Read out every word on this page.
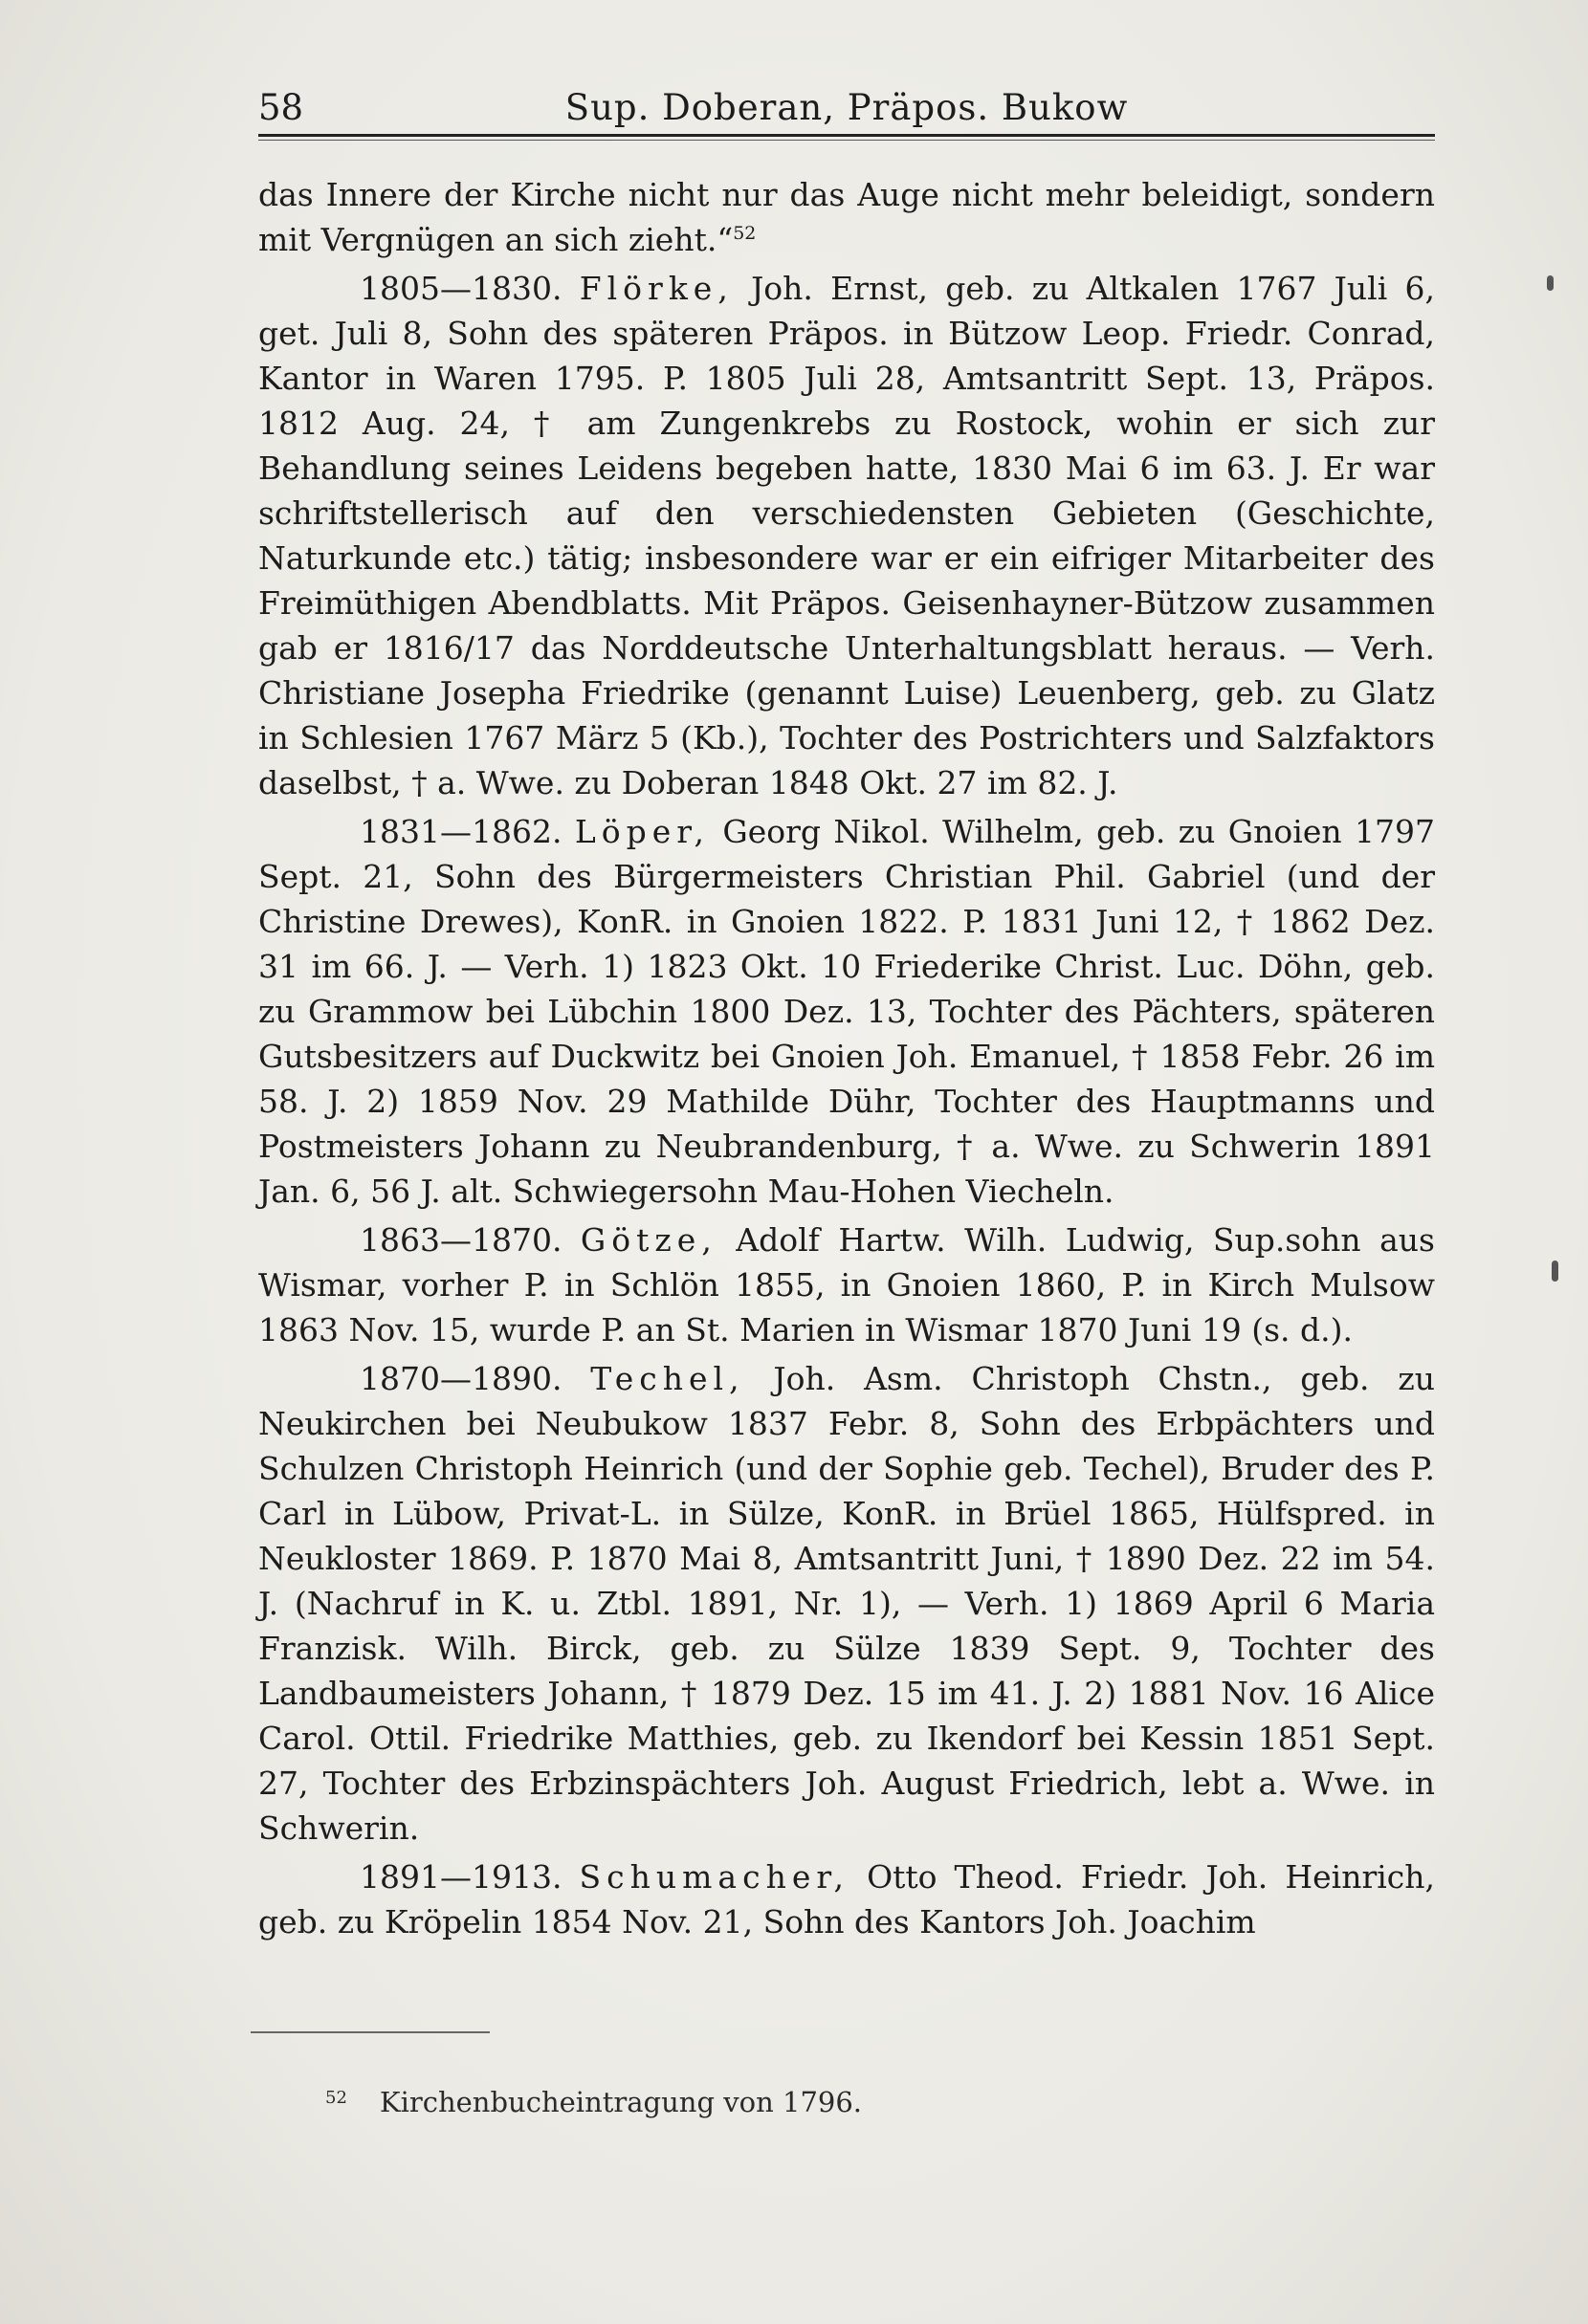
58	Sup. Doberan, Präpos. Bukow

das Innere der Kirche nicht nur das Auge nicht mehr beleidigt, sondern mit Vergnügen an sich zieht.“$^{52}$

1805—1830. Flörke, Joh. Ernst, geb. zu Altkalen 1767 Juli 6, get. Juli 8, Sohn des späteren Präpos. in Bützow Leop. Friedr. Conrad, Kantor in Waren 1795. P. 1805 Juli 28, Amtsantritt Sept. 13, Präpos. 1812 Aug. 24, † am Zungenkrebs zu Rostock, wohin er sich zur Behandlung seines Leidens begeben hatte, 1830 Mai 6 im 63. J. Er war schriftstellerisch auf den verschiedensten Gebieten (Geschichte, Naturkunde etc.) tätig; insbesondere war er ein eifriger Mitarbeiter des Freimüthigen Abendblatts. Mit Präpos. Geisenhayner-Bützow zusammen gab er 1816/17 das Norddeutsche Unterhaltungsblatt heraus. — Verh. Christiane Josepha Friedrike (genannt Luise) Leuenberg, geb. zu Glatz in Schlesien 1767 März 5 (Kb.), Tochter des Postrichters und Salzfaktors daselbst, † a. Wwe. zu Doberan 1848 Okt. 27 im 82. J.

1831—1862. Löper, Georg Nikol. Wilhelm, geb. zu Gnoien 1797 Sept. 21, Sohn des Bürgermeisters Christian Phil. Gabriel (und der Christine Drewes), KonR. in Gnoien 1822. P. 1831 Juni 12, † 1862 Dez. 31 im 66. J. — Verh. 1) 1823 Okt. 10 Friederike Christ. Luc. Döhn, geb. zu Grammow bei Lübchin 1800 Dez. 13, Tochter des Pächters, späteren Gutsbesitzers auf Duckwitz bei Gnoien Joh. Emanuel, † 1858 Febr. 26 im 58. J. 2) 1859 Nov. 29 Mathilde Dühr, Tochter des Hauptmanns und Postmeisters Johann zu Neubrandenburg, † a. Wwe. zu Schwerin 1891 Jan. 6, 56 J. alt. Schwiegersohn Mau-Hohen Viecheln.

1863—1870. Götze, Adolf Hartw. Wilh. Ludwig, Sup.sohn aus Wismar, vorher P. in Schlön 1855, in Gnoien 1860, P. in Kirch Mulsow 1863 Nov. 15, wurde P. an St. Marien in Wismar 1870 Juni 19 (s. d.).

1870—1890. Techel, Joh. Asm. Christoph Chstn., geb. zu Neukirchen bei Neubukow 1837 Febr. 8, Sohn des Erbpächters und Schulzen Christoph Heinrich (und der Sophie geb. Techel), Bruder des P. Carl in Lübow, Privat-L. in Sülze, KonR. in Brüel 1865, Hülfspred. in Neukloster 1869. P. 1870 Mai 8, Amtsantritt Juni, † 1890 Dez. 22 im 54. J. (Nachruf in K. u. Ztbl. 1891, Nr. 1), — Verh. 1) 1869 April 6 Maria Franzisk. Wilh. Birck, geb. zu Sülze 1839 Sept. 9, Tochter des Landbaumeisters Johann, † 1879 Dez. 15 im 41. J. 2) 1881 Nov. 16 Alice Carol. Ottil. Friedrike Matthies, geb. zu Ikendorf bei Kessin 1851 Sept. 27, Tochter des Erbzinspächters Joh. August Friedrich, lebt a. Wwe. in Schwerin.

1891—1913. Schumacher, Otto Theod. Friedr. Joh. Heinrich, geb. zu Kröpelin 1854 Nov. 21, Sohn des Kantors Joh. Joachim

$^{52}$ Kirchenbucheintragung von 1796.
